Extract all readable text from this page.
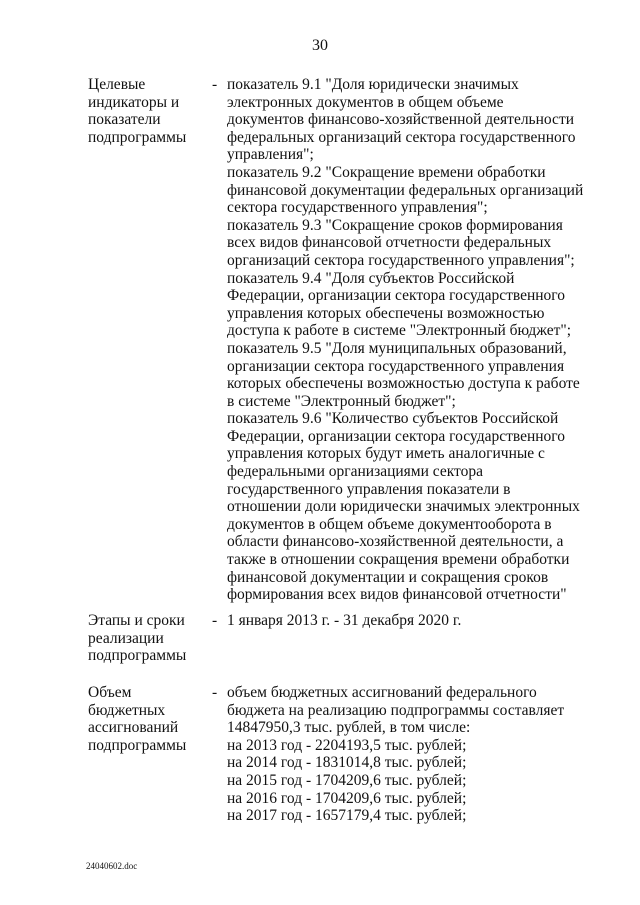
30
Целевые
индикаторы и
показатели
подпрограммы
- показатель 9.1 "Доля юридически значимых
электронных документов в общем объеме
документов финансово-хозяйственной деятельности
федеральных организаций сектора государственного
управления";
показатель 9.2 "Сокращение времени обработки
финансовой документации федеральных организаций
сектора государственного управления";
показатель 9.3 "Сокращение сроков формирования
всех видов финансовой отчетности федеральных
организаций сектора государственного управления";
показатель 9.4 "Доля субъектов Российской
Федерации, организации сектора государственного
управления которых обеспечены возможностью
доступа к работе в системе "Электронный бюджет";
показатель 9.5 "Доля муниципальных образований,
организации сектора государственного управления
которых обеспечены возможностью доступа к работе
в системе "Электронный бюджет";
показатель 9.6 "Количество субъектов Российской
Федерации, организации сектора государственного
управления которых будут иметь аналогичные с
федеральными организациями сектора
государственного управления показатели в
отношении доли юридически значимых электронных
документов в общем объеме документооборота в
области финансово-хозяйственной деятельности, а
также в отношении сокращения времени обработки
финансовой документации и сокращения сроков
формирования всех видов финансовой отчетности"
Этапы и сроки
реализации
подпрограммы
- 1 января 2013 г. - 31 декабря 2020 г.
Объем
бюджетных
ассигнований
подпрограммы
- объем бюджетных ассигнований федерального
бюджета на реализацию подпрограммы составляет
14847950,3 тыс. рублей, в том числе:
на 2013 год - 2204193,5 тыс. рублей;
на 2014 год - 1831014,8 тыс. рублей;
на 2015 год - 1704209,6 тыс. рублей;
на 2016 год - 1704209,6 тыс. рублей;
на 2017 год - 1657179,4 тыс. рублей;
24040602.doc
